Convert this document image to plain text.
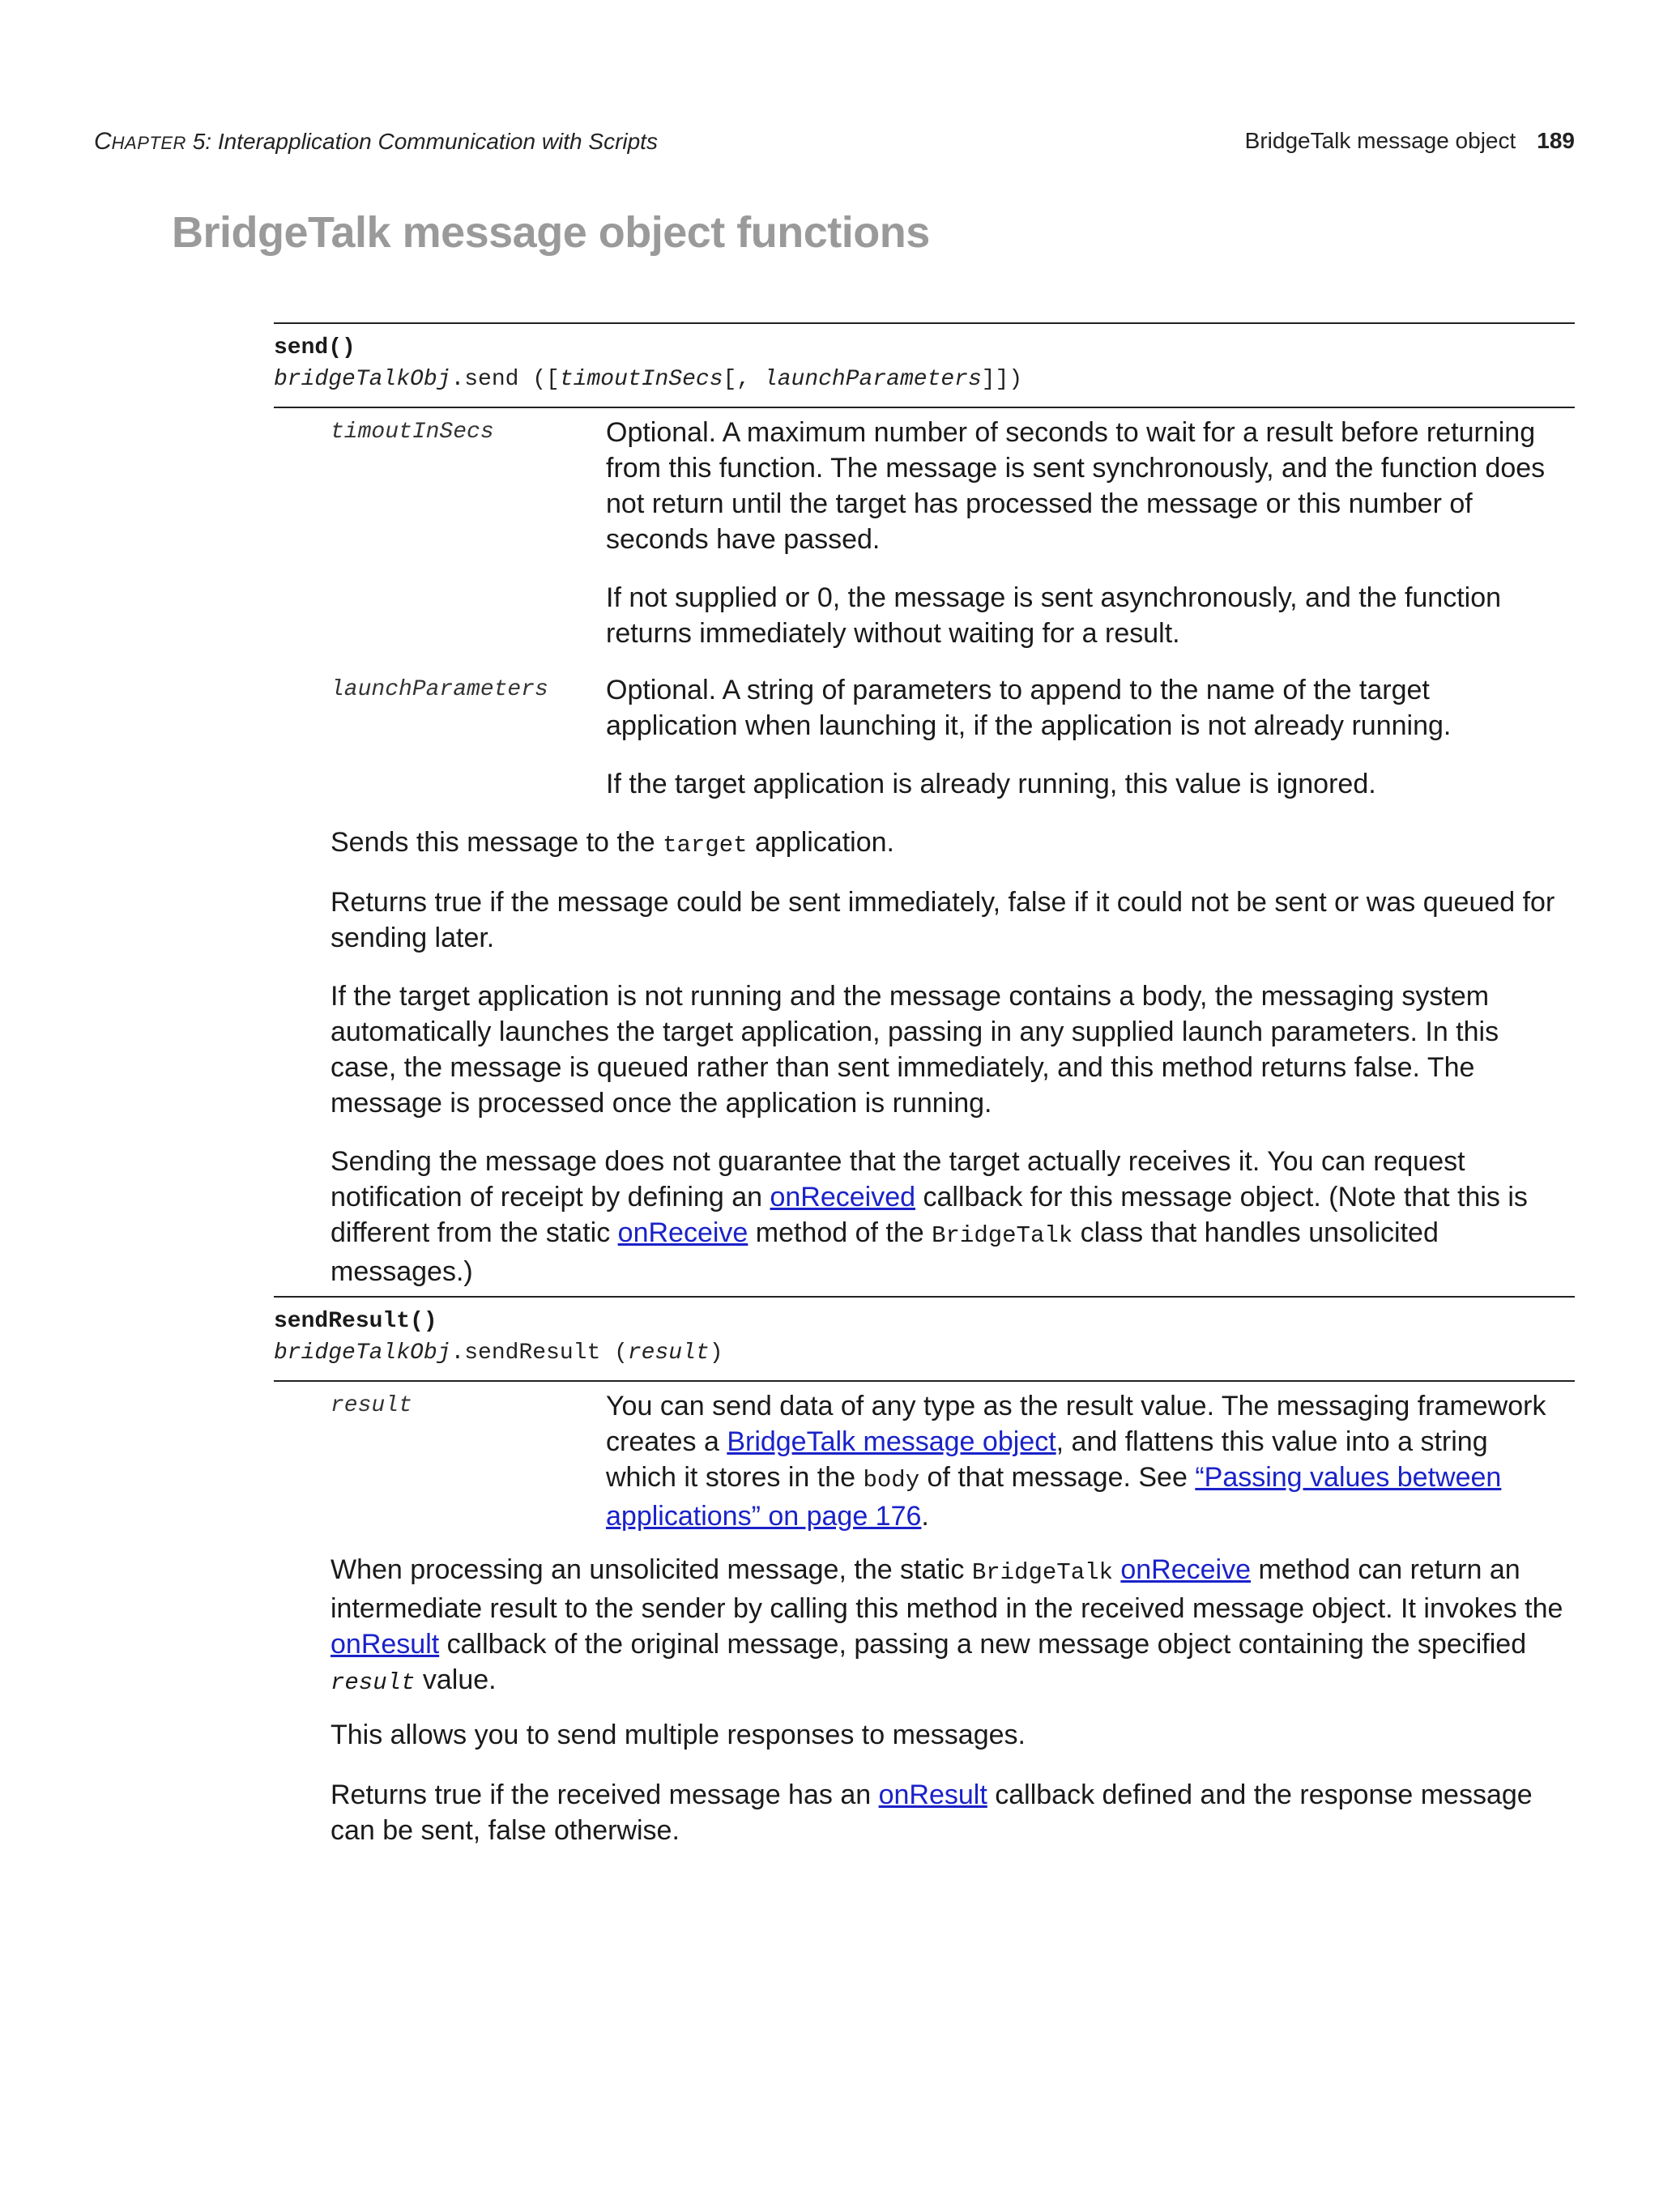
CHAPTER 5: Interapplication Communication with Scripts	BridgeTalk message object 189
BridgeTalk message object functions
send()
bridgeTalkObj.send ([timoutInSecs[, launchParameters]])
timoutInSecs	Optional. A maximum number of seconds to wait for a result before returning from this function. The message is sent synchronously, and the function does not return until the target has processed the message or this number of seconds have passed.
If not supplied or 0, the message is sent asynchronously, and the function returns immediately without waiting for a result.
launchParameters Optional. A string of parameters to append to the name of the target application when launching it, if the application is not already running.
If the target application is already running, this value is ignored.
Sends this message to the target application.
Returns true if the message could be sent immediately, false if it could not be sent or was queued for sending later.
If the target application is not running and the message contains a body, the messaging system automatically launches the target application, passing in any supplied launch parameters. In this case, the message is queued rather than sent immediately, and this method returns false. The message is processed once the application is running.
Sending the message does not guarantee that the target actually receives it. You can request notification of receipt by defining an onReceived callback for this message object. (Note that this is different from the static onReceive method of the BridgeTalk class that handles unsolicited messages.)
sendResult()
bridgeTalkObj.sendResult (result)
result	You can send data of any type as the result value. The messaging framework creates a BridgeTalk message object, and flattens this value into a string which it stores in the body of that message. See “Passing values between applications” on page 176.
When processing an unsolicited message, the static BridgeTalk onReceive method can return an intermediate result to the sender by calling this method in the received message object. It invokes the onResult callback of the original message, passing a new message object containing the specified result value.
This allows you to send multiple responses to messages.
Returns true if the received message has an onResult callback defined and the response message can be sent, false otherwise.
